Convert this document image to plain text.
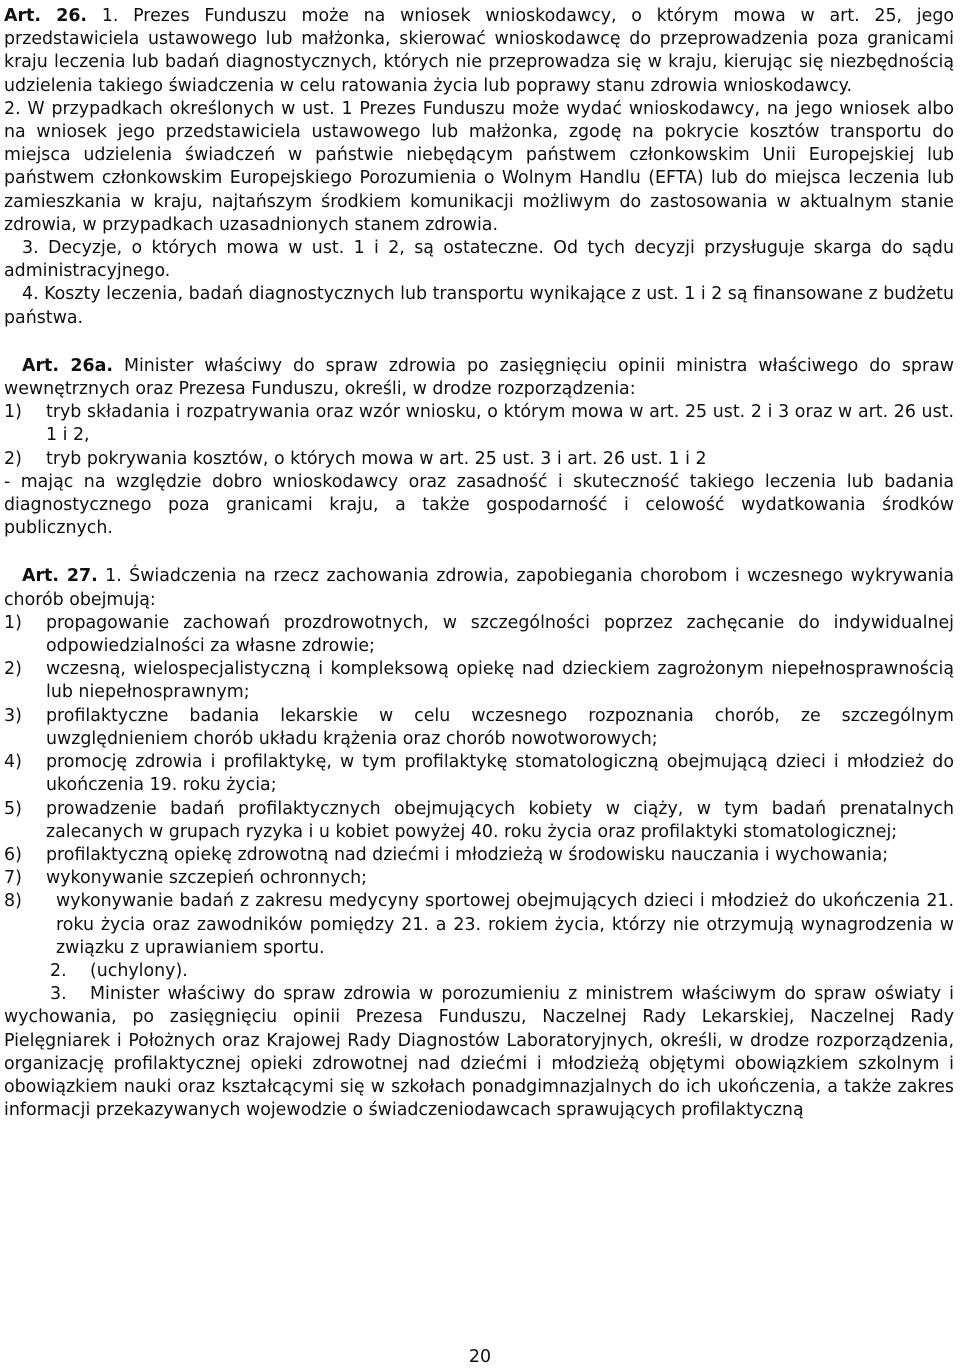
Art. 26. 1. Prezes Funduszu może na wniosek wnioskodawcy, o którym mowa w art. 25, jego przedstawiciela ustawowego lub małżonka, skierować wnioskodawcę do przeprowadzenia poza granicami kraju leczenia lub badań diagnostycznych, których nie przeprowadza się w kraju, kierując się niezbędnością udzielenia takiego świadczenia w celu ratowania życia lub poprawy stanu zdrowia wnioskodawcy.

2. W przypadkach określonych w ust. 1 Prezes Funduszu może wydać wnioskodawcy, na jego wniosek albo na wniosek jego przedstawiciela ustawowego lub małżonka, zgodę na pokrycie kosztów transportu do miejsca udzielenia świadczeń w państwie niebędącym państwem członkowskim Unii Europejskiej lub państwem członkowskim Europejskiego Porozumienia o Wolnym Handlu (EFTA) lub do miejsca leczenia lub zamieszkania w kraju, najtańszym środkiem komunikacji możliwym do zastosowania w aktualnym stanie zdrowia, w przypadkach uzasadnionych stanem zdrowia.

3. Decyzje, o których mowa w ust. 1 i 2, są ostateczne. Od tych decyzji przysługuje skarga do sądu administracyjnego.

4. Koszty leczenia, badań diagnostycznych lub transportu wynikające z ust. 1 i 2 są finansowane z budżetu państwa.

Art. 26a. Minister właściwy do spraw zdrowia po zasięgnięciu opinii ministra właściwego do spraw wewnętrznych oraz Prezesa Funduszu, określi, w drodze rozporządzenia:

1)	tryb składania i rozpatrywania oraz wzór wniosku, o którym mowa w art. 25 ust. 2 i 3 oraz w art. 26 ust. 1 i 2,
2)	tryb pokrywania kosztów, o których mowa w art. 25 ust. 3 i art. 26 ust. 1 i 2

- mając na względzie dobro wnioskodawcy oraz zasadność i skuteczność takiego leczenia lub badania diagnostycznego poza granicami kraju, a także gospodarność i celowość wydatkowania środków publicznych.

Art. 27. 1. Świadczenia na rzecz zachowania zdrowia, zapobiegania chorobom i wczesnego wykrywania chorób obejmują:

1)	propagowanie zachowań prozdrowotnych, w szczególności poprzez zachęcanie do indywidualnej odpowiedzialności za własne zdrowie;
2)	wczesną, wielospecjalistyczną i kompleksową opiekę nad dzieckiem zagrożonym niepełnosprawnością lub niepełnosprawnym;
3)	profilaktyczne badania lekarskie w celu wczesnego rozpoznania chorób, ze szczególnym uwzględnieniem chorób układu krążenia oraz chorób nowotworowych;
4)	promocję zdrowia i profilaktykę, w tym profilaktykę stomatologiczną obejmującą dzieci i młodzież do ukończenia 19. roku życia;
5)	prowadzenie badań profilaktycznych obejmujących kobiety w ciąży, w tym badań prenatalnych zalecanych w grupach ryzyka i u kobiet powyżej 40. roku życia oraz profilaktyki stomatologicznej;
6)	profilaktyczną opiekę zdrowotną nad dziećmi i młodzieżą w środowisku nauczania i wychowania;
7)	wykonywanie szczepień ochronnych;
8)	wykonywanie badań z zakresu medycyny sportowej obejmujących dzieci i młodzież do ukończenia 21. roku życia oraz zawodników pomiędzy 21. a 23. rokiem życia, którzy nie otrzymują wynagrodzenia w związku z uprawianiem sportu.
2.	(uchylony).

3. Minister właściwy do spraw zdrowia w porozumieniu z ministrem właściwym do spraw oświaty i wychowania, po zasięgnięciu opinii Prezesa Funduszu, Naczelnej Rady Lekarskiej, Naczelnej Rady Pielęgniarek i Położnych oraz Krajowej Rady Diagnostów Laboratoryjnych, określi, w drodze rozporządzenia, organizację profilaktycznej opieki zdrowotnej nad dziećmi i młodzieżą objętymi obowiązkiem szkolnym i obowiązkiem nauki oraz kształcącymi się w szkołach ponadgimnazjalnych do ich ukończenia, a także zakres informacji przekazywanych wojewodzie o świadczeniodawcach sprawujących profilaktyczną

20
